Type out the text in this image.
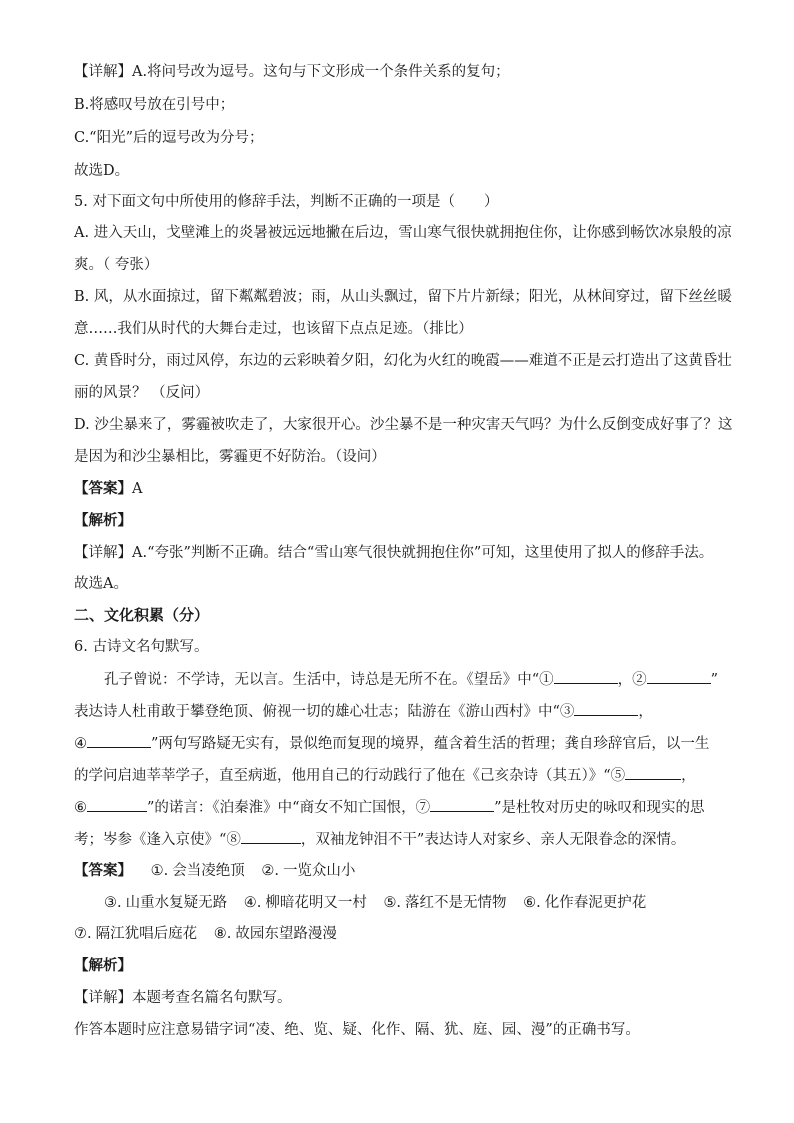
【详解】A.将问号改为逗号。这句与下文形成一个条件关系的复句；
B.将感叹号放在引号中；
C.“阳光”后的逗号改为分号；
故选D。
5. 对下面文句中所使用的修辞手法，判断不正确的一项是（　　）
A. 进入天山，戈壁滩上的炎暑被远远地撇在后边，雪山寒气很快就拥抱住你，让你感到畅饮冰泉般的凉
爽。（ 夸张）
B. 风，从水面掠过，留下粼粼碧波；雨，从山头飘过，留下片片新绿；阳光，从林间穿过，留下丝丝暖
意……我们从时代的大舞台走过，也该留下点点足迹。（排比）
C. 黄昏时分，雨过风停，东边的云彩映着夕阳，幻化为火红的晚霞——难道不正是云打造出了这黄昏壮
丽的风景？ （反问）
D. 沙尘暴来了，雾霾被吹走了，大家很开心。沙尘暴不是一种灾害天气吗？为什么反倒变成好事了？这
是因为和沙尘暴相比，雾霾更不好防治。（设问）
【答案】A
【解析】
【详解】A.“夸张”判断不正确。结合“雪山寒气很快就拥抱住你”可知，这里使用了拟人的修辞手法。
故选A。
二、文化积累（分）
6. 古诗文名句默写。
孔子曾说：不学诗，无以言。生活中，诗总是无所不在。《望岳》中“①	，②	”
表达诗人杜甫敢于攀登绝顶、俯视一切的雄心壮志；陆游在《游山西村》中“③	，
④	”两句写路疑无实有，景似绝而复现的境界，蕴含着生活的哲理；龚自珍辞官后，以一生
的学问启迪莘莘学子，直至病逝，他用自己的行动践行了他在《己亥杂诗（其五）》“⑤	，
⑥	”的诺言：《泊秦淮》中“商女不知亡国恨，⑦	”是杜牧对历史的咏叹和现实的思
考；岑参《逢入京使》“⑧	，双袖龙钟泪不干”表达诗人对家乡、亲人无限眷念的深情。
【答案】 ①. 会当凌绝顶 ②. 一览众山小
③. 山重水复疑无路 ④. 柳暗花明又一村 ⑤. 落红不是无情物 ⑥. 化作春泥更护花
⑦. 隔江犹唱后庭花 ⑧. 故园东望路漫漫
【解析】
【详解】本题考查名篇名句默写。
作答本题时应注意易错字词“凌、绝、览、疑、化作、隔、犹、庭、园、漫”的正确书写。
